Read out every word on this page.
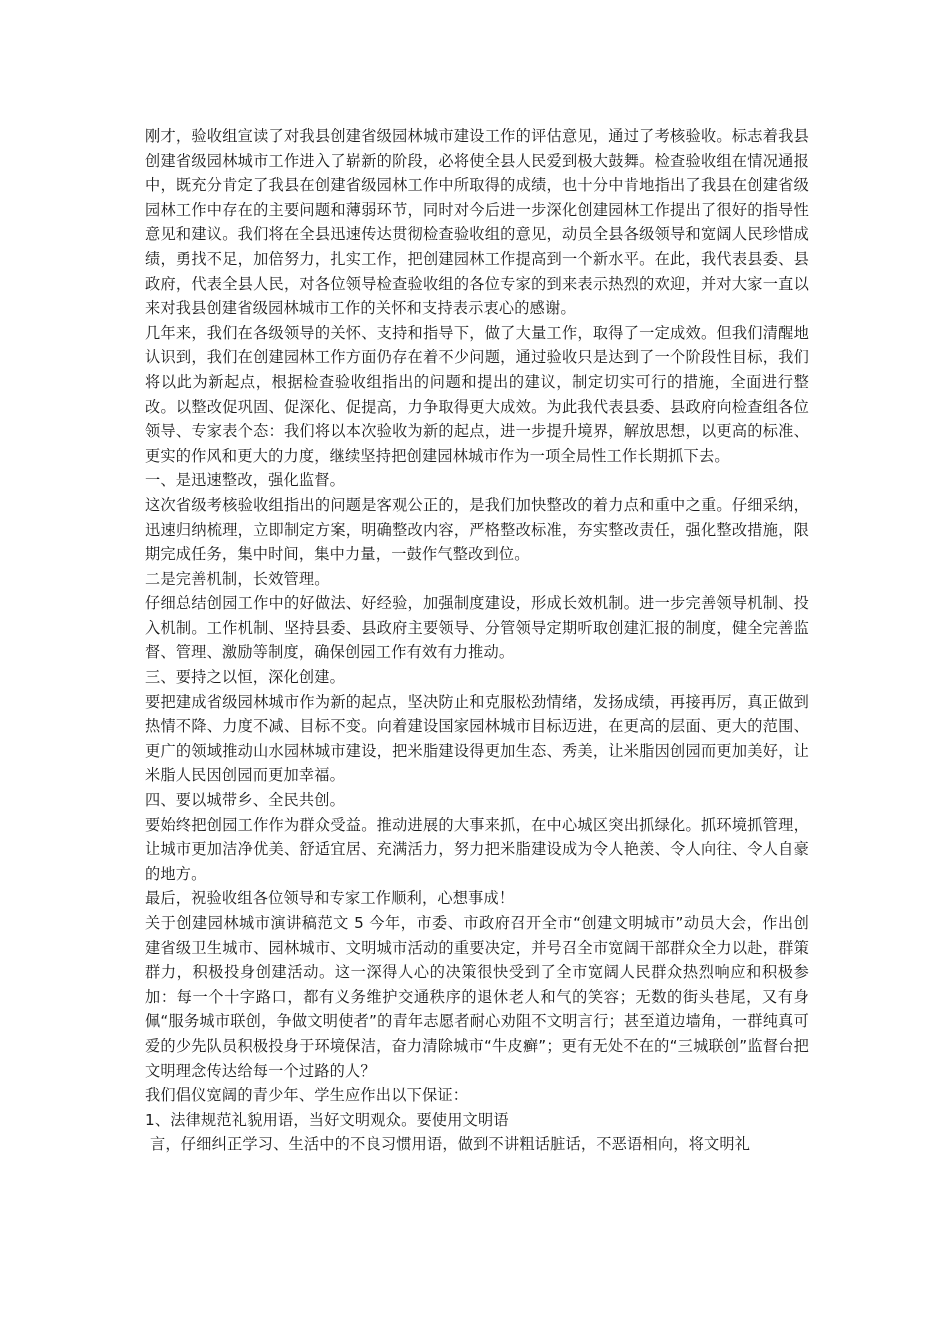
刚才，验收组宣读了对我县创建省级园林城市建设工作的评估意见，通过了考核验收。标志着我县创建省级园林城市工作进入了崭新的阶段，必将使全县人民爱到极大鼓舞。检查验收组在情况通报中，既充分肯定了我县在创建省级园林工作中所取得的成绩，也十分中肯地指出了我县在创建省级园林工作中存在的主要问题和薄弱环节，同时对今后进一步深化创建园林工作提出了很好的指导性意见和建议。我们将在全县迅速传达贯彻检查验收组的意见，动员全县各级领导和宽阔人民珍惜成绩，勇找不足，加倍努力，扎实工作，把创建园林工作提高到一个新水平。在此，我代表县委、县政府，代表全县人民，对各位领导检查验收组的各位专家的到来表示热烈的欢迎，并对大家一直以来对我县创建省级园林城市工作的关怀和支持表示衷心的感谢。

几年来，我们在各级领导的关怀、支持和指导下，做了大量工作，取得了一定成效。但我们清醒地认识到，我们在创建园林工作方面仍存在着不少问题，通过验收只是达到了一个阶段性目标，我们将以此为新起点，根据检查验收组指出的问题和提出的建议，制定切实可行的措施，全面进行整改。以整改促巩固、促深化、促提高，力争取得更大成效。为此我代表县委、县政府向检查组各位领导、专家表个态：我们将以本次验收为新的起点，进一步提升境界，解放思想，以更高的标准、更实的作风和更大的力度，继续坚持把创建园林城市作为一项全局性工作长期抓下去。

一、是迅速整改，强化监督。

这次省级考核验收组指出的问题是客观公正的，是我们加快整改的着力点和重中之重。仔细采纳，迅速归纳梳理，立即制定方案，明确整改内容，严格整改标准，夯实整改责任，强化整改措施，限期完成任务，集中时间，集中力量，一鼓作气整改到位。

二是完善机制，长效管理。

仔细总结创园工作中的好做法、好经验，加强制度建设，形成长效机制。进一步完善领导机制、投入机制。工作机制、坚持县委、县政府主要领导、分管领导定期听取创建汇报的制度，健全完善监督、管理、激励等制度，确保创园工作有效有力推动。

三、要持之以恒，深化创建。

要把建成省级园林城市作为新的起点，坚决防止和克服松劲情绪，发扬成绩，再接再厉，真正做到热情不降、力度不减、目标不变。向着建设国家园林城市目标迈进，在更高的层面、更大的范围、更广的领域推动山水园林城市建设，把米脂建设得更加生态、秀美，让米脂因创园而更加美好，让米脂人民因创园而更加幸福。

四、要以城带乡、全民共创。

要始终把创园工作作为群众受益。推动进展的大事来抓，在中心城区突出抓绿化。抓环境抓管理，让城市更加洁净优美、舒适宜居、充满活力，努力把米脂建设成为令人艳羡、令人向往、令人自豪的地方。

最后，祝验收组各位领导和专家工作顺利，心想事成！

关于创建园林城市演讲稿范文 5 今年，市委、市政府召开全市“创建文明城市”动员大会，作出创建省级卫生城市、园林城市、文明城市活动的重要决定，并号召全市宽阔干部群众全力以赴，群策群力，积极投身创建活动。这一深得人心的决策很快受到了全市宽阔人民群众热烈响应和积极参加：每一个十字路口，都有义务维护交通秩序的退休老人和气的笑容；无数的街头巷尾，又有身佩“服务城市联创，争做文明使者”的青年志愿者耐心劝阻不文明言行；甚至道边墙角，一群纯真可爱的少先队员积极投身于环境保洁，奋力清除城市“牛皮癣”；更有无处不在的“三城联创”监督台把文明理念传达给每一个过路的人？

我们倡仪宽阔的青少年、学生应作出以下保证：

1、法律规范礼貌用语，当好文明观众。要使用文明语

言，仔细纠正学习、生活中的不良习惯用语，做到不讲粗话脏话，不恶语相向，将文明礼
